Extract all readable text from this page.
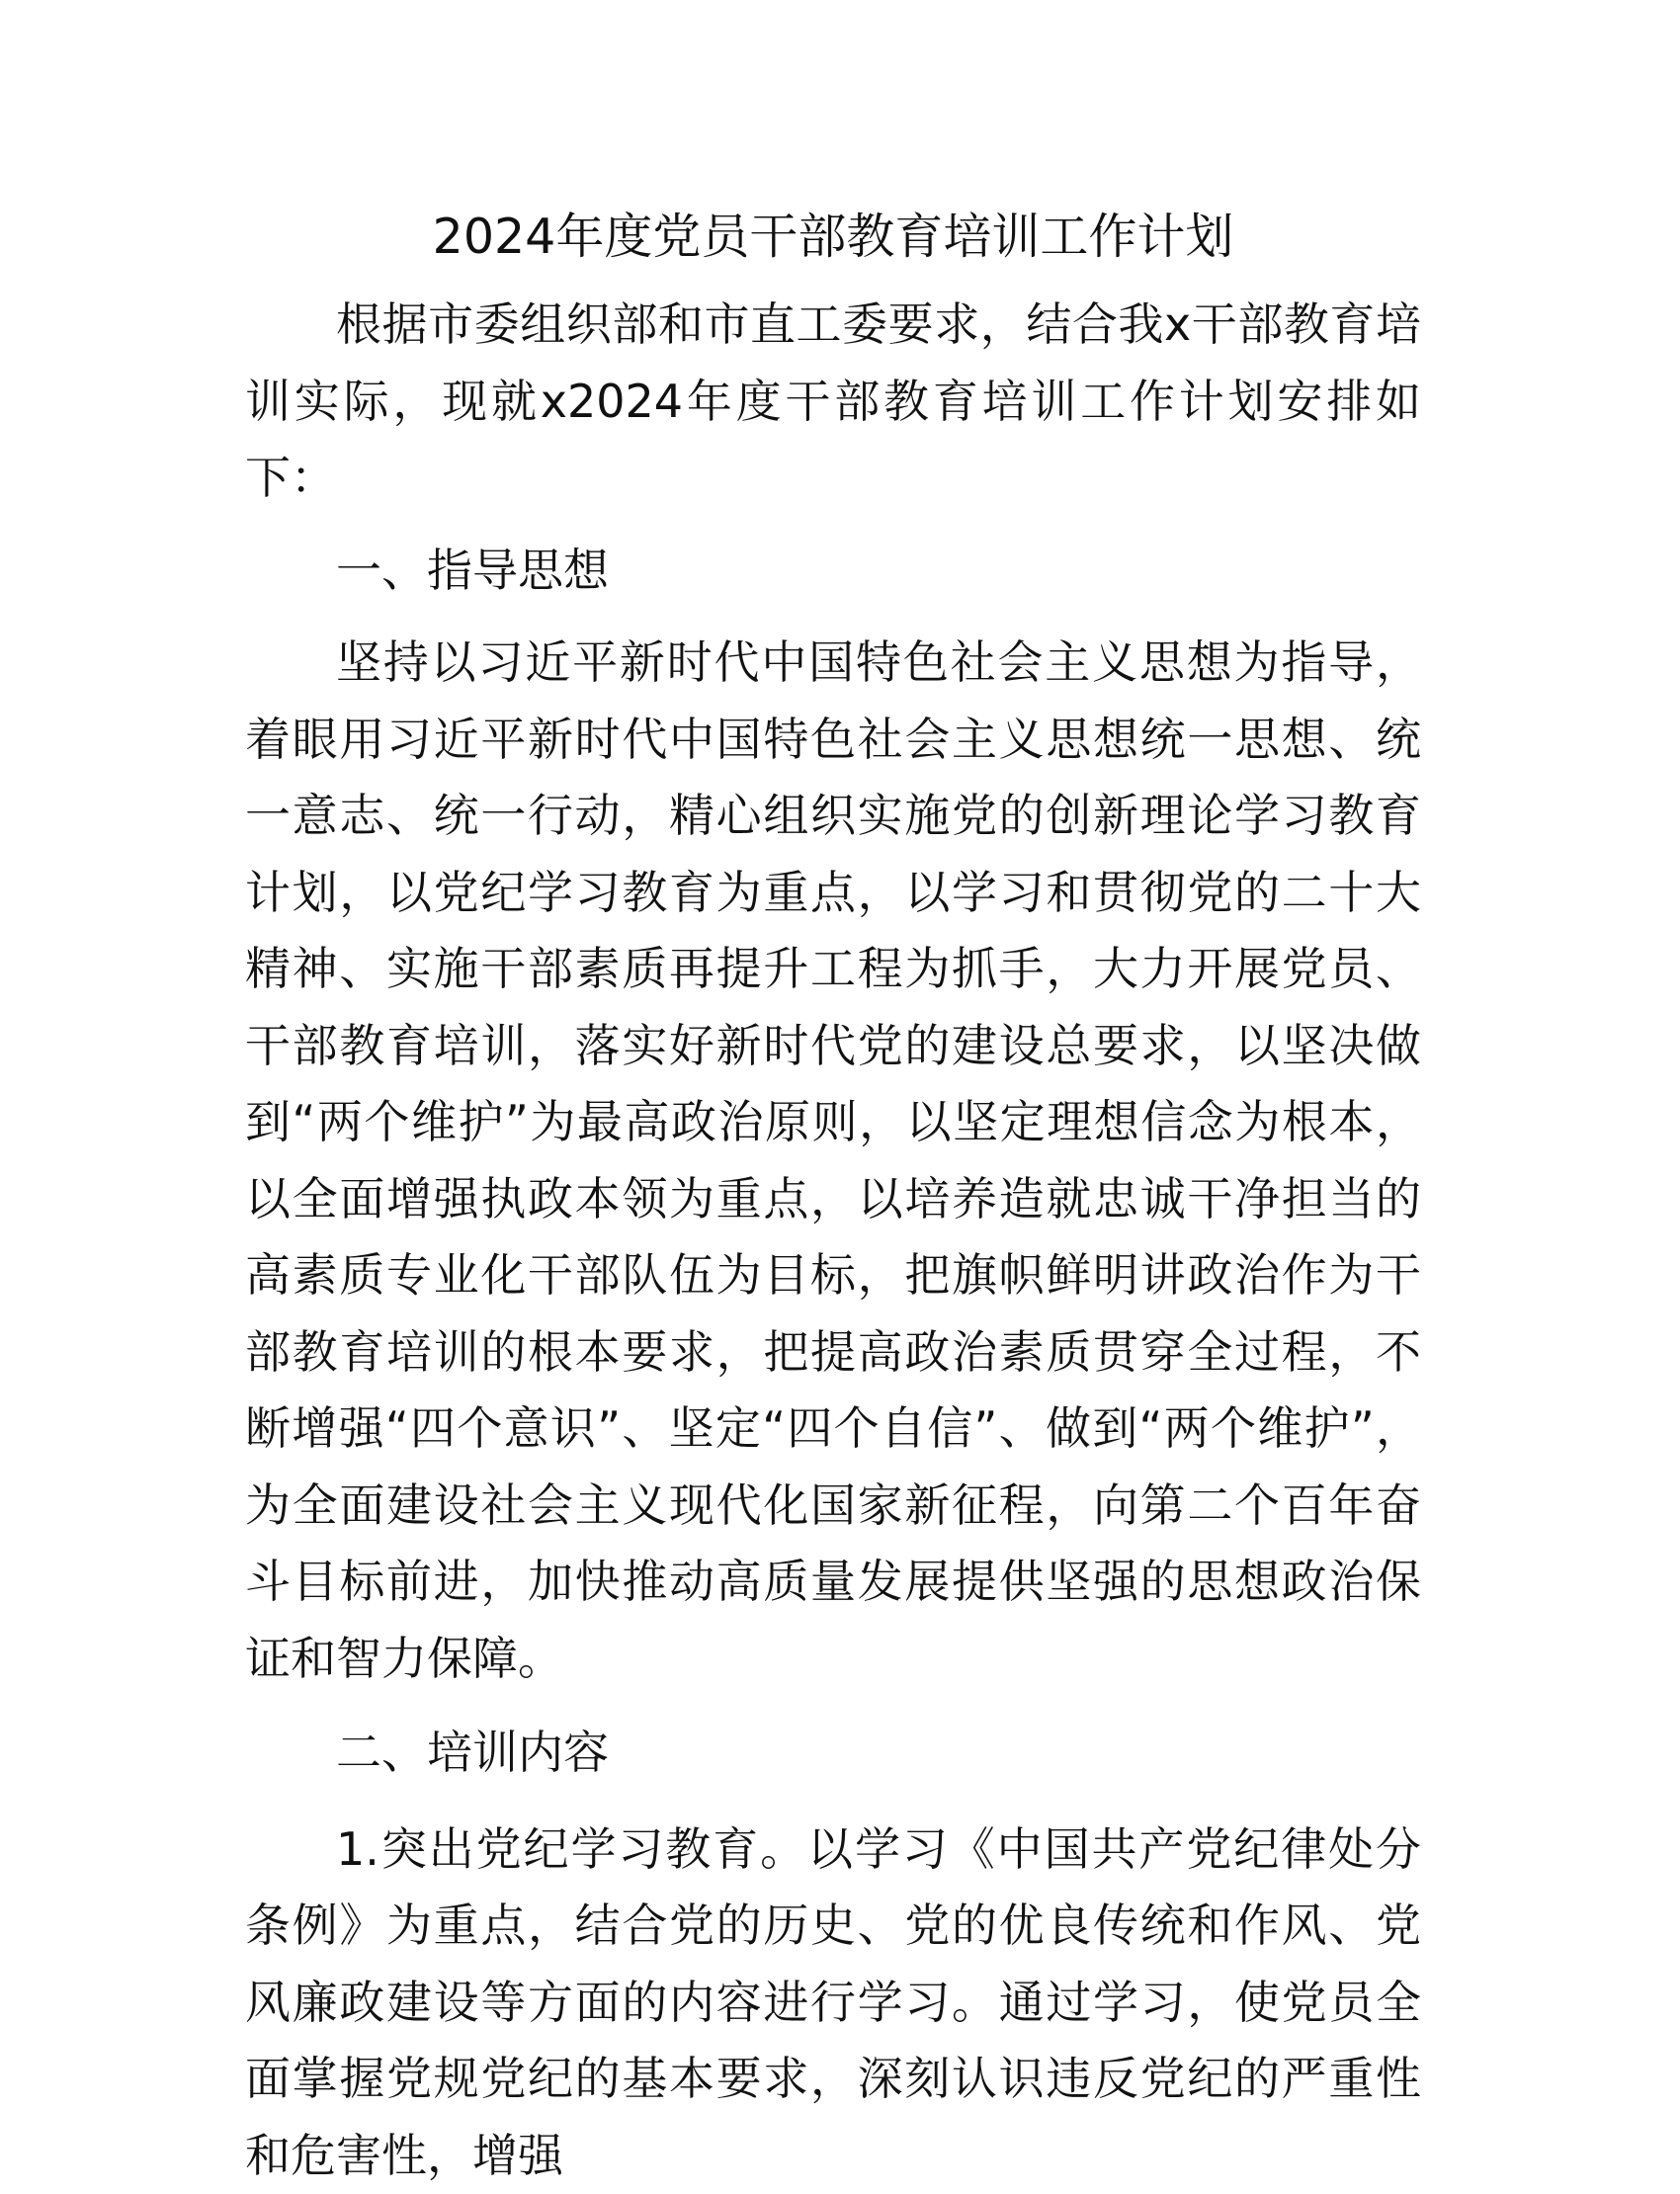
2024年度党员干部教育培训工作计划

根据市委组织部和市直工委要求，结合我x干部教育培训实际，现就x2024年度干部教育培训工作计划安排如下：

一、指导思想

坚持以习近平新时代中国特色社会主义思想为指导，着眼用习近平新时代中国特色社会主义思想统一思想、统一意志、统一行动，精心组织实施党的创新理论学习教育计划，以党纪学习教育为重点，以学习和贯彻党的二十大精神、实施干部素质再提升工程为抓手，大力开展党员、干部教育培训，落实好新时代党的建设总要求，以坚决做到“两个维护”为最高政治原则，以坚定理想信念为根本，以全面增强执政本领为重点，以培养造就忠诚干净担当的高素质专业化干部队伍为目标，把旗帜鲜明讲政治作为干部教育培训的根本要求，把提高政治素质贯穿全过程，不断增强“四个意识”、坚定“四个自信”、做到“两个维护”，为全面建设社会主义现代化国家新征程，向第二个百年奋斗目标前进，加快推动高质量发展提供坚强的思想政治保证和智力保障。

二、培训内容

1.突出党纪学习教育。以学习《中国共产党纪律处分条例》为重点，结合党的历史、党的优良传统和作风、党风廉政建设等方面的内容进行学习。通过学习，使党员全面掌握党规党纪的基本要求，深刻认识违反党纪的严重性和危害性，增强
